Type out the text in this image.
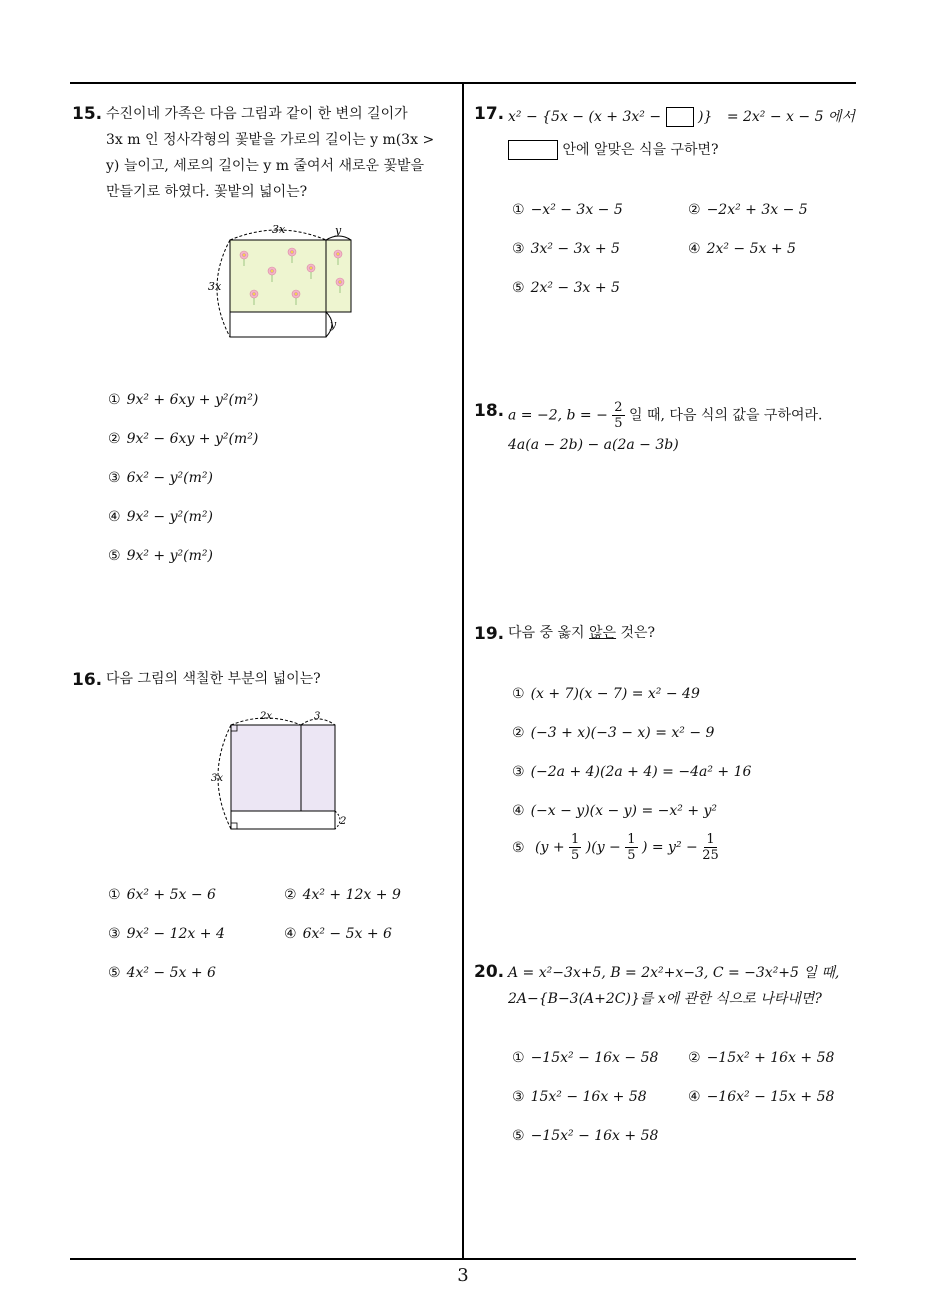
15. 수진이네 가족은 다음 그림과 같이 한 변의 길이가
3x m 인 정사각형의 꽃밭을 가로의 길이는 y m(3x >
y) 늘이고, 세로의 길이는 y m 줄여서 새로운 꽃밭을
만들기로 하였다. 꽃밭의 넓이는?
3x	y
3x
y
① 9x² + 6xy + y²(m²)
② 9x² − 6xy + y²(m²)
③ 6x² − y²(m²)
④ 9x² − y²(m²)
⑤ 9x² + y²(m²)
16. 다음 그림의 색칠한 부분의 넓이는?
2x	3
3x
2
① 6x² + 5x − 6	② 4x² + 12x + 9
③ 9x² − 12x + 4	④ 6x² − 5x + 6
⑤ 4x² − 5x + 6
17. x² − {5x − (x + 3x² −	)} = 2x² − x − 5 에서
안에 알맞은 식을 구하면?
① −x² − 3x − 5	② −2x² + 3x − 5
③ 3x² − 3x + 5	④ 2x² − 5x + 5
⑤ 2x² − 3x + 5
18. a = −2, b = − $\frac{2}{5}$ 일 때, 다음 식의 값을 구하여라.
4a(a − 2b) − a(2a − 3b)
19. 다음 중 옳지 않은 것은?
① (x + 7)(x − 7) = x² − 49
② (−3 + x)(−3 − x) = x² − 9
③ (−2a + 4)(2a + 4) = −4a² + 16
④ (−x − y)(x − y) = −x² + y²
⑤ $(y + \frac{1}{5} )(y - \frac{1}{5}$ ) = $y^2 - \frac{1}{25}$
20. A = x²−3x+5, B = 2x²+x−3, C = −3x²+5 일 때,
2A−{B−3(A+2C)}를 x에 관한 식으로 나타내면?
① −15x² − 16x − 58 ② −15x² + 16x + 58
③ 15x² − 16x + 58	④ −16x² − 15x + 58
⑤ −15x² − 16x + 58
3
